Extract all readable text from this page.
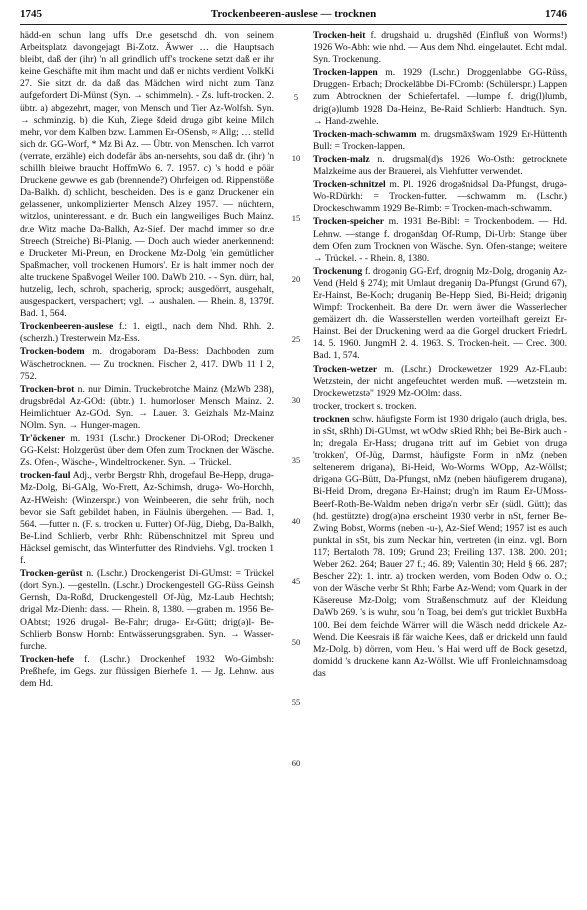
1745	Trockenbeeren-auslese — trocknen	1746

hädd-en schun lang uffs Dr.e gesetschd dh. von seinem Arbeitsplatz davongejagt Bi-Zotz. Äwwer … die Hauptsach bleibt, daß der (ihr) 'n all grindlich uff's trockene setzt daß er ihr keine Geschäfte mit ihm macht und daß er nichts verdient VolkKi 27. Sie sitzt dr. da daß das Mädchen wird nicht zum Tanz aufgefordert Di-Münst (Syn. → schimmeln). - Zs. luft-trocken. 2. übtr. a) abgezehrt, mager, von Mensch und Tier Az-Wolfsh. Syn. → schminzig. b) die Kuh, Ziege šdeid drugə gibt keine Milch mehr, vor dem Kalben bzw. Lammen Er-OSensb, ≈ Allg; … stelld sich dr. GG-Worf, * Mz Bi Az. — Übtr. von Menschen. Ich varrot (verrate, erzähle) eich dodefär äbs an-nersehts, sou daß dr. (ihr) 'n schillh bleiwe braucht HoffmWo 6. 7. 1957. c) 's hodd e pöär Druckene gewwe es gab (brennende?) Ohrfeigen od. Rippenstöße Da-Balkh. d) schlicht, bescheiden. Des is e ganz Druckener ein gelassener, unkomplizierter Mensch Alzey 1957. — nüchtern, witzlos, uninteressant. e dr. Buch ein langweiliges Buch Mainz. dr.e Witz mache Da-Balkh, Az-Sief. Der machd immer so dr.e Streech (Streiche) Bi-Planig. — Doch auch wieder anerkennend: e Drucketer Mi-Preun, en Drockene Mz-Dolg 'ein gemütlicher Spaßmacher, voll trockenen Humors'. Er is halt immer noch der alte truckene Spaßvogel Weiler 100. DaWb 210. - - Syn. dürr, hal, hutzelig, lech, schroh, spacherig, sprock; ausgedörrt, ausgehalt, ausgespackert, verspachert; vgl. → aushalen. — Rhein. 8, 1379f. Bad. 1, 564.

Trockenbeeren-auslese f.: 1. eigtl., nach dem Nhd. Rhh. 2. (scherzh.) Tresterwein Mz-Ess.

Trocken-bodem m. drogəborəm Da-Bess: Dachboden zum Wäschetrocknen. — Zu trocknen. Fischer 2, 417. DWb 11 I 2, 752.

Trocken-brot n. nur Dimin. Truckebrotche Mainz (MzWb 238), drugsbrēdǝl Az-GOd: (übtr.) 1. humorloser Mensch Mainz. 2. Heimlichtuer Az-GOd. Syn. → Lauer. 3. Geizhals Mz-Mainz NOlm. Syn. → Hunger-magen.

Tr'öckener m. 1931 (Lschr.) Drockener Di-ORod; Dreckener GG-Kelst: Holzgerüst über dem Ofen zum Trocknen der Wäsche. Zs. Ofen-, Wäsche-, Windeltrockener. Syn. → Trückel.

trocken-faul Adj., verbr Bergstr Rhh, drogefaul Be-Hepp, drugə- Mz-Dolg, Bi-GAlg, Wo-Frett, Az-Schimsh, drugə- Wo-Horchh, Az-HWeish: (Winzerspr.) von Weinbeeren, die sehr früh, noch bevor sie Saft gebildet haben, in Fäulnis übergehen. — Bad. 1, 564. —futter n. (F. s. trocken u. Futter) Of-Jüg, Diebg, Da-Balkh, Be-Lind Schlierb, verbr Rhh: Rübenschnitzel mit Spreu und Häcksel gemischt, das Winterfutter des Rindviehs. Vgl. trocken 1 f.

Trocken-gerüst n. (Lschr.) Drockengerist Di-GUmst: = Trückel (dort Syn.). —gestelln. (Lschr.) Drockengestell GG-Rüss Geinsh Gernsh, Da-Roßd, Druckengestell Of-Jüg, Mz-Laub Hechtsh; drigəl Mz-Dienh: dass. — Rhein. 8, 1380. —graben m. 1956 Be-OAbtst; 1926 drugəl- Be-Fahr; drugə- Er-Gütt; drig(ə)l- Be-Schlierb Bonsw Hornb: Entwässerungsgraben. Syn. → Wasser-furche.

Trocken-hefe f. (Lschr.) Drockenhef 1932 Wo-Gimbsh: Preßhefe, im Gegs. zur flüssigen Bierhefe 1. — Jg. Lehnw. aus dem Hd.

5
10
15
20
25
30
35
40
45
50
55
60

Trocken-heit f. drugshaid u. drugshēd (Einfluß von Worms!) 1926 Wo-Abh: wie nhd. — Aus dem Nhd. eingelautet. Echt mdal. Syn. Trockenung.

Trocken-lappen m. 1929 (Lschr.) Droggenlabbe GG-Rüss, Druggen- Erbach; Drockelābbe Di-FCromb: (Schülerspr.) Lappen zum Abtrocknen der Schiefertafel. —lumpe f. drig(l)lumb, drig(ə)lumb 1928 Da-Heinz, Be-Raid Schlierb: Handtuch. Syn. → Hand-zwehle.

Trocken-mach-schwamm m. drugsmāxšwam 1929 Er-Hüttenth Bull: = Trocken-lappen.

Trocken-malz n. drugsmal(d)s 1926 Wo-Osth: getrocknete Malzkeime aus der Brauerei, als Viehfutter verwendet.

Trocken-schnitzel m. Pl. 1926 drogəšnidsəl Da-Pfungst, drugə- Wo-RDürkh: = Trocken-futter. —schwamm m. (Lschr.) Drockeschwamm 1929 Be-Rimb: = Trocken-mach-schwamm.

Trocken-speicher m. 1931 Be-Bibl: = Trockenbodem. — Hd. Lehnw. —stange f. drogənšdaŋ Of-Rump, Di-Urb: Stange über dem Ofen zum Trocknen von Wäsche. Syn. Ofen-stange; weitere → Trückel. - - Rhein. 8, 1380.

Trockenung f. drogəniŋ GG-Erf, drogniŋ Mz-Dolg, drogəniŋ Az-Vend (Held § 274); mit Umlaut dregəniŋ Da-Pfungst (Grund 67), Er-Hainst, Be-Koch; drugəniŋ Be-Hepp Sied, Bi-Heid; drigəniŋ Wimpf: Trockenheit. Ba dere Dr. wern äwer die Wasserlecher gemäizert dh. die Wasserstellen werden vorteilhaft gereizt Er-Hainst. Bei der Druckening werd aa die Gorgel druckert FriedrL 14. 5. 1960. JungmH 2. 4. 1963. S. Trocken-heit. — Crec. 300. Bad. 1, 574.

Trocken-wetzer m. (Lschr.) Drockewetzer 1929 Az-FLaub: Wetzstein, der nicht angefeuchtet werden muß. —wetzstein m. Drockewetzstə" 1929 Mz-OOlm: dass.

trocker, trockert s. trocken.

trocknen schw. häufigste Form ist 1930 drigəlo (auch drigla, bes. in sSt, sRhh) Di-GUmst, wt wOdw sRied Rhh; bei Be-Birk auch -ln; dregələ Er-Hass; drugənə tritt auf im Gebiet von drugə 'trokken', Of-Jüg, Darmst, häufigste Form in nMz (neben seltenerem drigənə), Bi-Heid, Wo-Worms WOpp, Az-Wöllst; drigənə GG-Bütt, Da-Pfungst, nMz (neben häufigerem drugənə), Bi-Heid Drom, dregənə Er-Hainst; drug'n im Raum Er-UMoss-Beerf-Roth-Be-Waldm neben drigə'n verbr sEr (südl. Gütt); das (hd. gestützte) drog(ə)nə erscheint 1930 verbr in nSt, ferner Be-Zwing Bobst, Worms (neben -u-), Az-Sief Wend; 1957 ist es auch punktal in sSt, bis zum Neckar hin, vertreten (in einz. vgl. Born 117; Bertaloth 78. 109; Grund 23; Freiling 137. 138. 200. 201; Weber 262. 264; Bauer 27 f.; 46. 89; Valentin 30; Held § 66. 287; Bescher 22): 1. intr. a) trocken werden, vom Boden Odw o. O.; von der Wäsche verbr St Rhh; Farbe Az-Wend; vom Quark in der Käsereuse Mz-Dolg; vom Straßenschmutz auf der Kleidung DaWb 269. 's is wuhr, sou 'n Toag, bei dem's gut tricklet BuxbHa 100. Bei dem feichde Wärrer will die Wäsch nedd drickele Az-Wend. Die Keesrais iß fär waiche Kees, daß er drickeld unn fauld Mz-Dolg. b) dörren, vom Heu. 's Hai werd uff de Bock gesetzd, domidd 's druckene kann Az-Wöllst. Wie uff Fronleichnamsdoag das
